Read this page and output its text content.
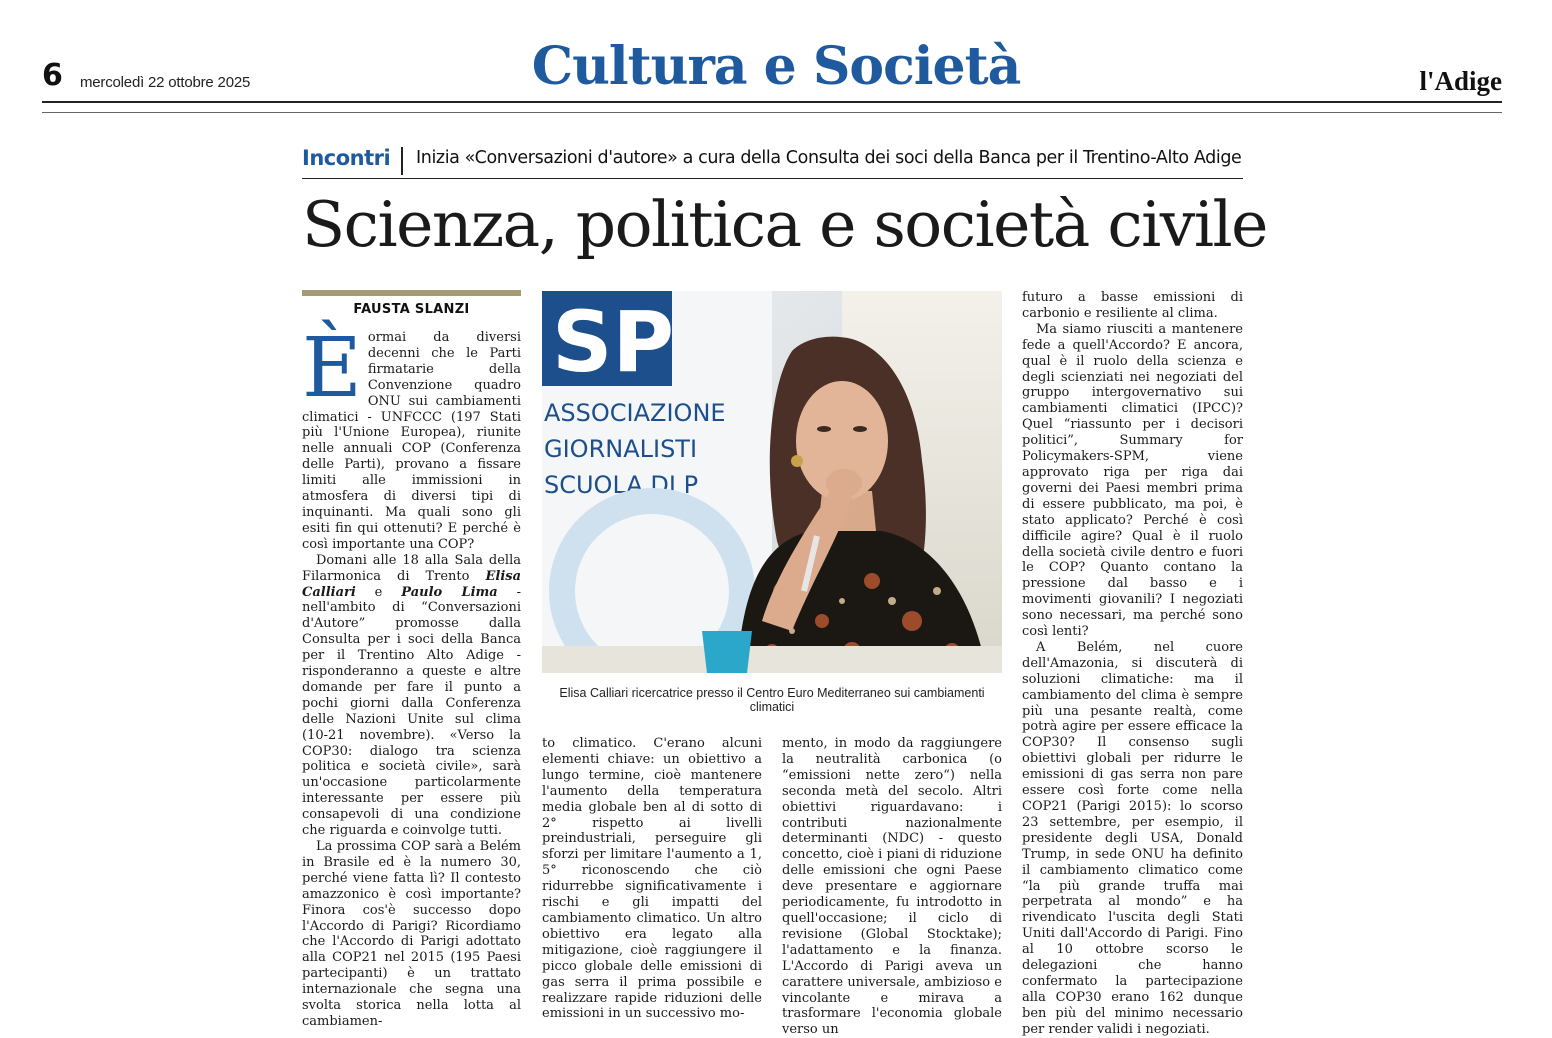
6 mercoledì 22 ottobre 2025	Cultura e Società	l'Adige
Incontri Inizia «Conversazioni d'autore» a cura della Consulta dei soci della Banca per il Trentino-Alto Adige
Scienza, politica e società civile
FAUSTA SLANZI

Èormai da diversi decenni che le Parti firmatarie della Convenzione quadro ONU sui cambiamenti climatici - UNFCCC (197 Stati più l'Unione Europea), riunite nelle annuali COP (Conferenza delle Parti), provano a fissare limiti alle immissioni in atmosfera di diversi tipi di inquinanti. Ma quali sono gli esiti fin qui ottenuti? E perché è così importante una COP?

Domani alle 18 alla Sala della Filarmonica di Trento Elisa Calliari e Paulo Lima - nell'ambito di “Conversazioni d'Autore” promosse dalla Consulta per i soci della Banca per il Trentino Alto Adige - risponderanno a queste e altre domande per fare il punto a pochi giorni dalla Conferenza delle Nazioni Unite sul clima (10-21 novembre). «Verso la COP30: dialogo tra scienza politica e società civile», sarà un'occasione particolarmente interessante per essere più consapevoli di una condizione che riguarda e coinvolge tutti.

La prossima COP sarà a Belém in Brasile ed è la numero 30, perché viene fatta lì? Il contesto amazzonico è così importante? Finora cos'è successo dopo l'Accordo di Parigi? Ricordiamo che l'Accordo di Parigi adottato alla COP21 nel 2015 (195 Paesi partecipanti) è un trattato internazionale che segna una svolta storica nella lotta al cambiamen-

SP
ASSOCIAZIONE
GIORNALISTI
SCUOLA DI P
Elisa Calliari ricercatrice presso il Centro Euro Mediterraneo sui cambiamenti climatici

to climatico. C'erano alcuni elementi chiave: un obiettivo a lungo termine, cioè mantenere l'aumento della temperatura media globale ben al di sotto di 2° rispetto ai livelli preindustriali, perseguire gli sforzi per limitare l'aumento a 1, 5° riconoscendo che ciò ridurrebbe significativamente i rischi e gli impatti del cambiamento climatico. Un altro obiettivo era legato alla mitigazione, cioè raggiungere il picco globale delle emissioni di gas serra il prima possibile e realizzare rapide riduzioni delle emissioni in un successivo mo-

mento, in modo da raggiungere la neutralità carbonica (o “emissioni nette zero“) nella seconda metà del secolo. Altri obiettivi riguardavano: i contributi nazionalmente determinanti (NDC) - questo concetto, cioè i piani di riduzione delle emissioni che ogni Paese deve presentare e aggiornare periodicamente, fu introdotto in quell'occasione; il ciclo di revisione (Global Stocktake); l'adattamento e la finanza. L'Accordo di Parigi aveva un carattere universale, ambizioso e vincolante e mirava a trasformare l'economia globale verso un

futuro a basse emissioni di carbonio e resiliente al clima.

Ma siamo riusciti a mantenere fede a quell'Accordo? E ancora, qual è il ruolo della scienza e degli scienziati nei negoziati del gruppo intergovernativo sui cambiamenti climatici (IPCC)? Quel “riassunto per i decisori politici”, Summary for Policymakers-SPM, viene approvato riga per riga dai governi dei Paesi membri prima di essere pubblicato, ma poi, è stato applicato? Perché è così difficile agire? Qual è il ruolo della società civile dentro e fuori le COP? Quanto contano la pressione dal basso e i movimenti giovanili? I negoziati sono necessari, ma perché sono così lenti?

A Belém, nel cuore dell'Amazonia, si discuterà di soluzioni climatiche: ma il cambiamento del clima è sempre più una pesante realtà, come potrà agire per essere efficace la COP30? Il consenso sugli obiettivi globali per ridurre le emissioni di gas serra non pare essere così forte come nella COP21 (Parigi 2015): lo scorso 23 settembre, per esempio, il presidente degli USA, Donald Trump, in sede ONU ha definito il cambiamento climatico come “la più grande truffa mai perpetrata al mondo” e ha rivendicato l'uscita degli Stati Uniti dall'Accordo di Parigi. Fino al 10 ottobre scorso le delegazioni che hanno confermato la partecipazione alla COP30 erano 162 dunque ben più del minimo necessario per render validi i negoziati.
